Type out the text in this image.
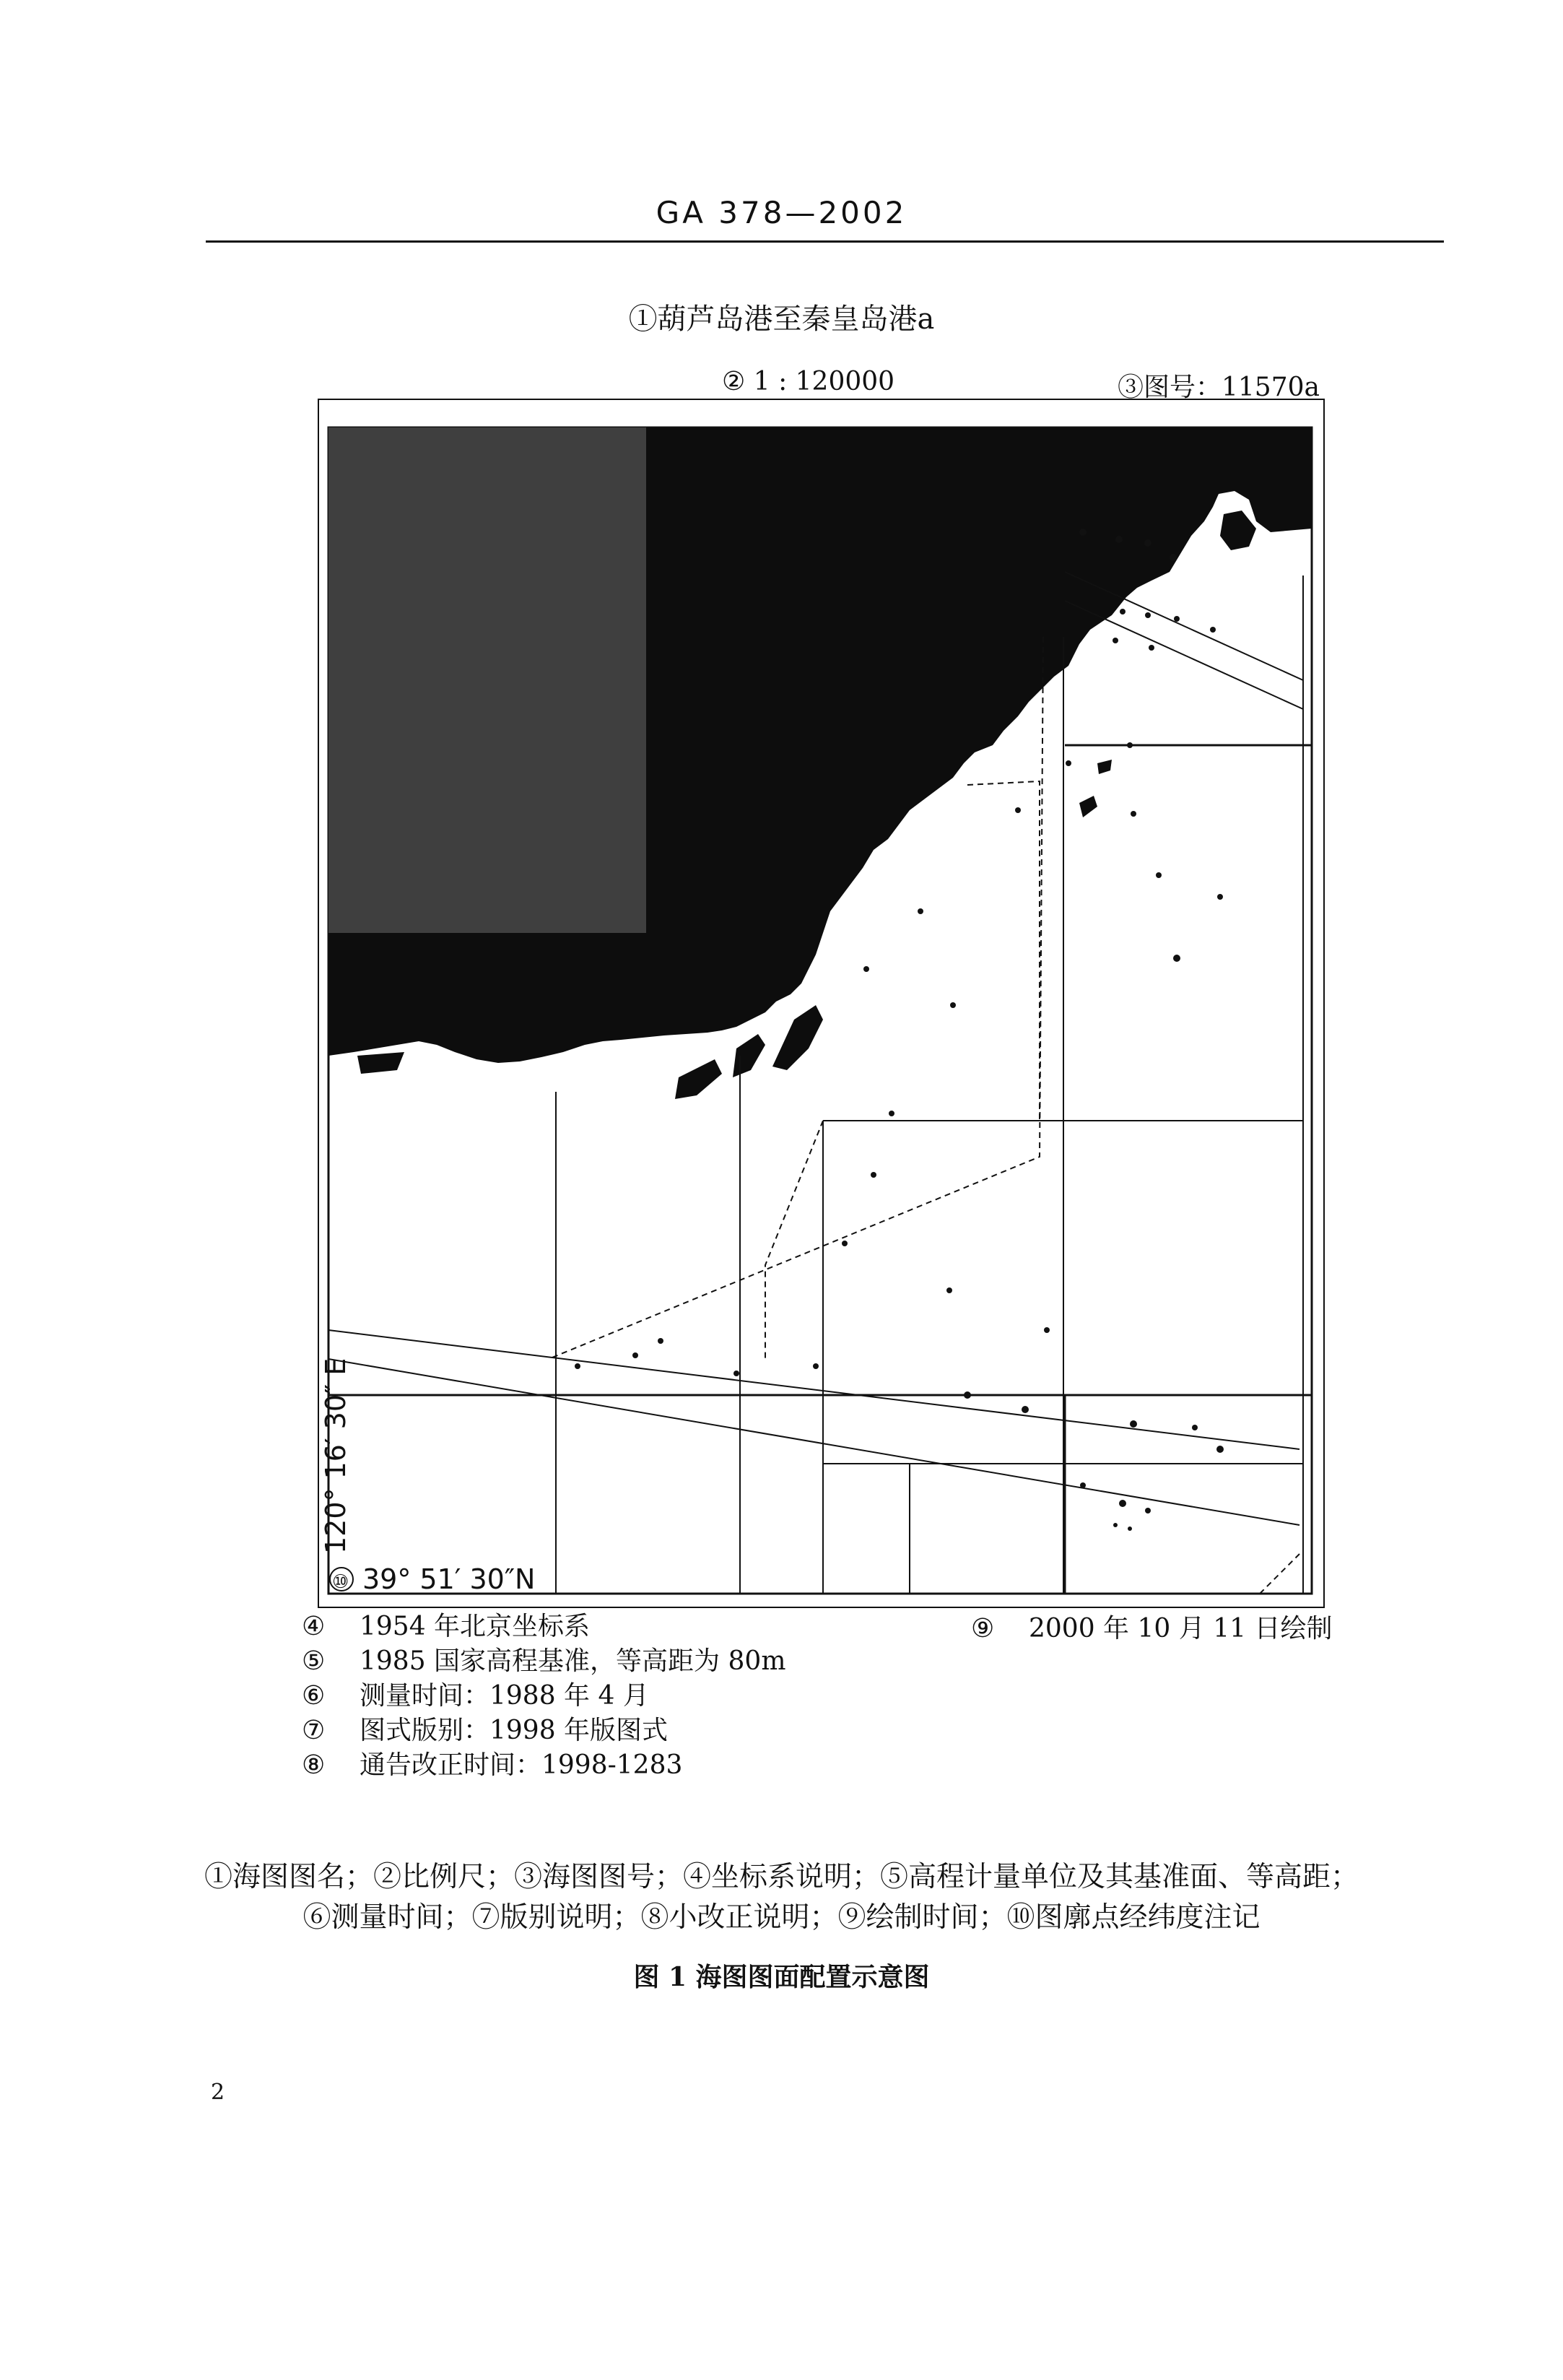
GA 378—2002
①葫芦岛港至秦皇岛港a
② 1 : 120000	③图号：11570a
120° 16′ 30″ E
39° 51′ 30″N
⑩
④ 1954 年北京坐标系
⑤ 1985 国家高程基准，等高距为 80m
⑥ 测量时间：1988 年 4 月
⑦ 图式版别：1998 年版图式
⑧ 通告改正时间：1998-1283
⑨ 2000 年 10 月 11 日绘制
①海图图名；②比例尺；③海图图号；④坐标系说明；⑤高程计量单位及其基准面、等高距；
⑥测量时间；⑦版别说明；⑧小改正说明；⑨绘制时间；⑩图廓点经纬度注记
图 1 海图图面配置示意图
2
